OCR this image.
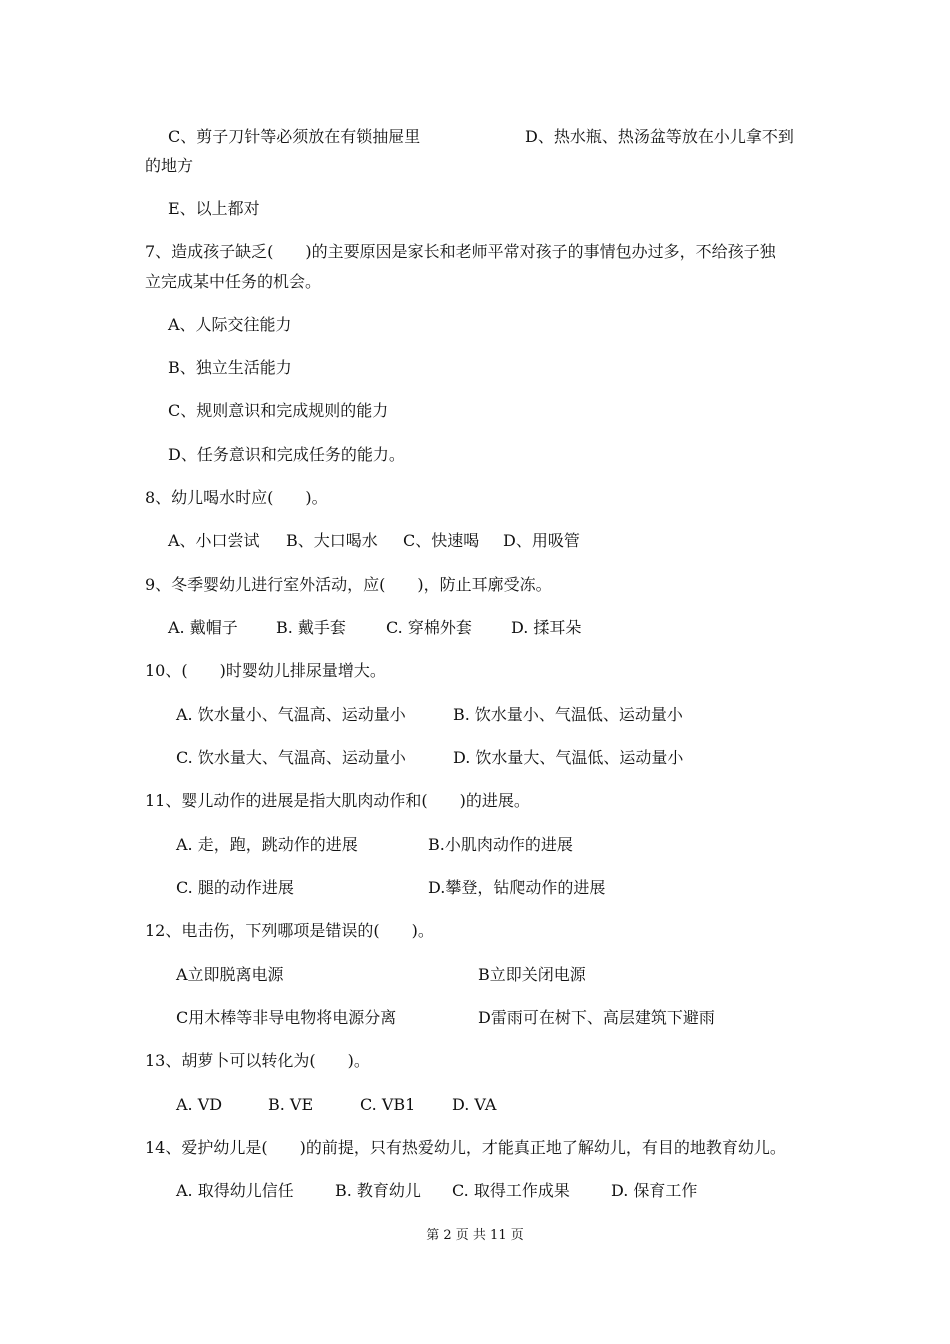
C、剪子刀针等必须放在有锁抽屉里	D、热水瓶、热汤盆等放在小儿拿不到
的地方
E、以上都对
7、造成孩子缺乏(　　)的主要原因是家长和老师平常对孩子的事情包办过多，不给孩子独
立完成某中任务的机会。
A、人际交往能力
B、独立生活能力
C、规则意识和完成规则的能力
D、任务意识和完成任务的能力。
8、幼儿喝水时应(　　)。
A、小口尝试 B、大口喝水 C、快速喝 D、用吸管
9、冬季婴幼儿进行室外活动，应(　　)，防止耳廓受冻。
A. 戴帽子 B. 戴手套	C. 穿棉外套 D. 揉耳朵
10、(　　)时婴幼儿排尿量增大。
A. 饮水量小、气温高、运动量小	B. 饮水量小、气温低、运动量小
C. 饮水量大、气温高、运动量小	D. 饮水量大、气温低、运动量小
11、婴儿动作的进展是指大肌肉动作和(　　)的进展。
A. 走，跑，跳动作的进展	B.小肌肉动作的进展
C. 腿的动作进展	D.攀登，钻爬动作的进展
12、电击伤，下列哪项是错误的(　　)。
A立即脱离电源	B立即关闭电源
C用木棒等非导电物将电源分离	D雷雨可在树下、高层建筑下避雨
13、胡萝卜可以转化为(　　)。
A. VD	B. VE	C. VB1 D. VA
14、爱护幼儿是(　　)的前提，只有热爱幼儿，才能真正地了解幼儿，有目的地教育幼儿。
A. 取得幼儿信任	B. 教育幼儿 C. 取得工作成果	D. 保育工作
第 2 页 共 11 页
